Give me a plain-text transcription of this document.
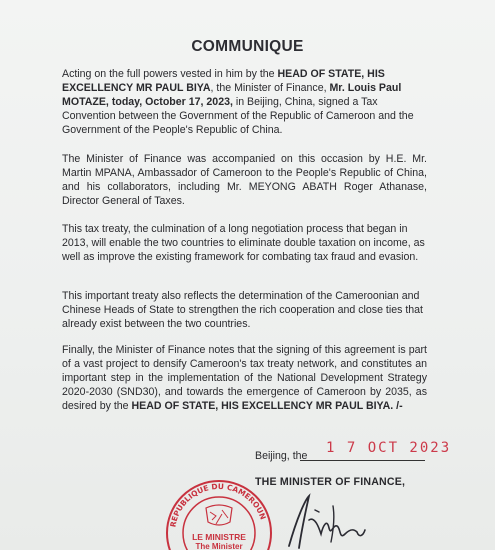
COMMUNIQUE
Acting on the full powers vested in him by the HEAD OF STATE, HIS EXCELLENCY MR PAUL BIYA, the Minister of Finance, Mr. Louis Paul MOTAZE, today, October 17, 2023, in Beijing, China, signed a Tax Convention between the Government of the Republic of Cameroon and the Government of the People's Republic of China.
The Minister of Finance was accompanied on this occasion by H.E. Mr. Martin MPANA, Ambassador of Cameroon to the People's Republic of China, and his collaborators, including Mr. MEYONG ABATH Roger Athanase, Director General of Taxes.
This tax treaty, the culmination of a long negotiation process that began in 2013, will enable the two countries to eliminate double taxation on income, as well as improve the existing framework for combating tax fraud and evasion.
This important treaty also reflects the determination of the Cameroonian and Chinese Heads of State to strengthen the rich cooperation and close ties that already exist between the two countries.
Finally, the Minister of Finance notes that the signing of this agreement is part of a vast project to densify Cameroon's tax treaty network, and constitutes an important step in the implementation of the National Development Strategy 2020-2030 (SND30), and towards the emergence of Cameroon by 2035, as desired by the HEAD OF STATE, HIS EXCELLENCY MR PAUL BIYA. /-
Beijing, the 1 7 OCT 2023
THE MINISTER OF FINANCE,
REPUBLIQUE DU CAMEROUN
LE MINISTRE
The Minister
